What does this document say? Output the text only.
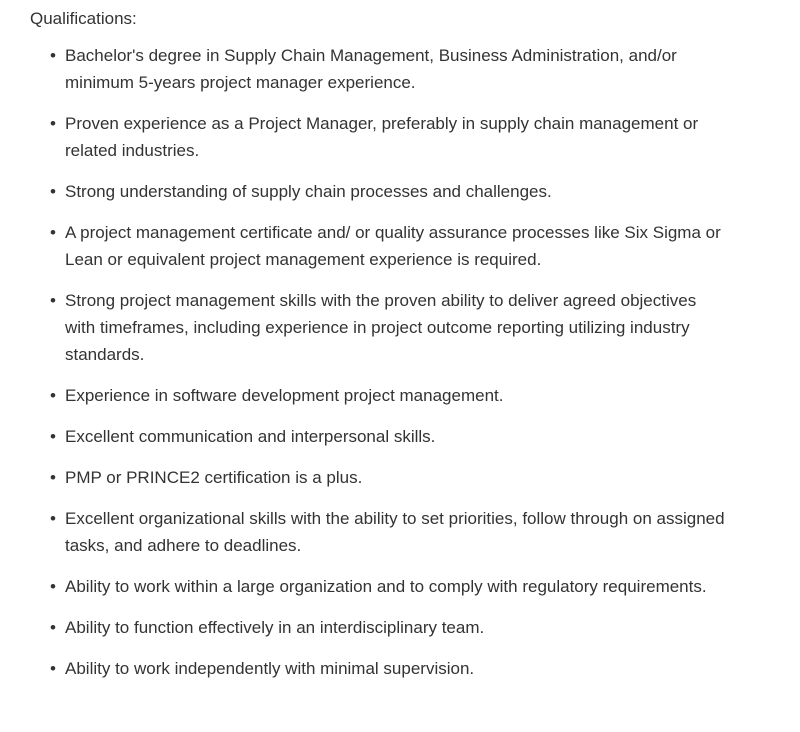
Qualifications:
• Bachelor's degree in Supply Chain Management, Business Administration, and/or minimum 5-years project manager experience.
• Proven experience as a Project Manager, preferably in supply chain management or related industries.
• Strong understanding of supply chain processes and challenges.
• A project management certificate and/ or quality assurance processes like Six Sigma or Lean or equivalent project management experience is required.
• Strong project management skills with the proven ability to deliver agreed objectives with timeframes, including experience in project outcome reporting utilizing industry standards.
• Experience in software development project management.
• Excellent communication and interpersonal skills.
• PMP or PRINCE2 certification is a plus.
• Excellent organizational skills with the ability to set priorities, follow through on assigned tasks, and adhere to deadlines.
• Ability to work within a large organization and to comply with regulatory requirements.
• Ability to function effectively in an interdisciplinary team.
• Ability to work independently with minimal supervision.
